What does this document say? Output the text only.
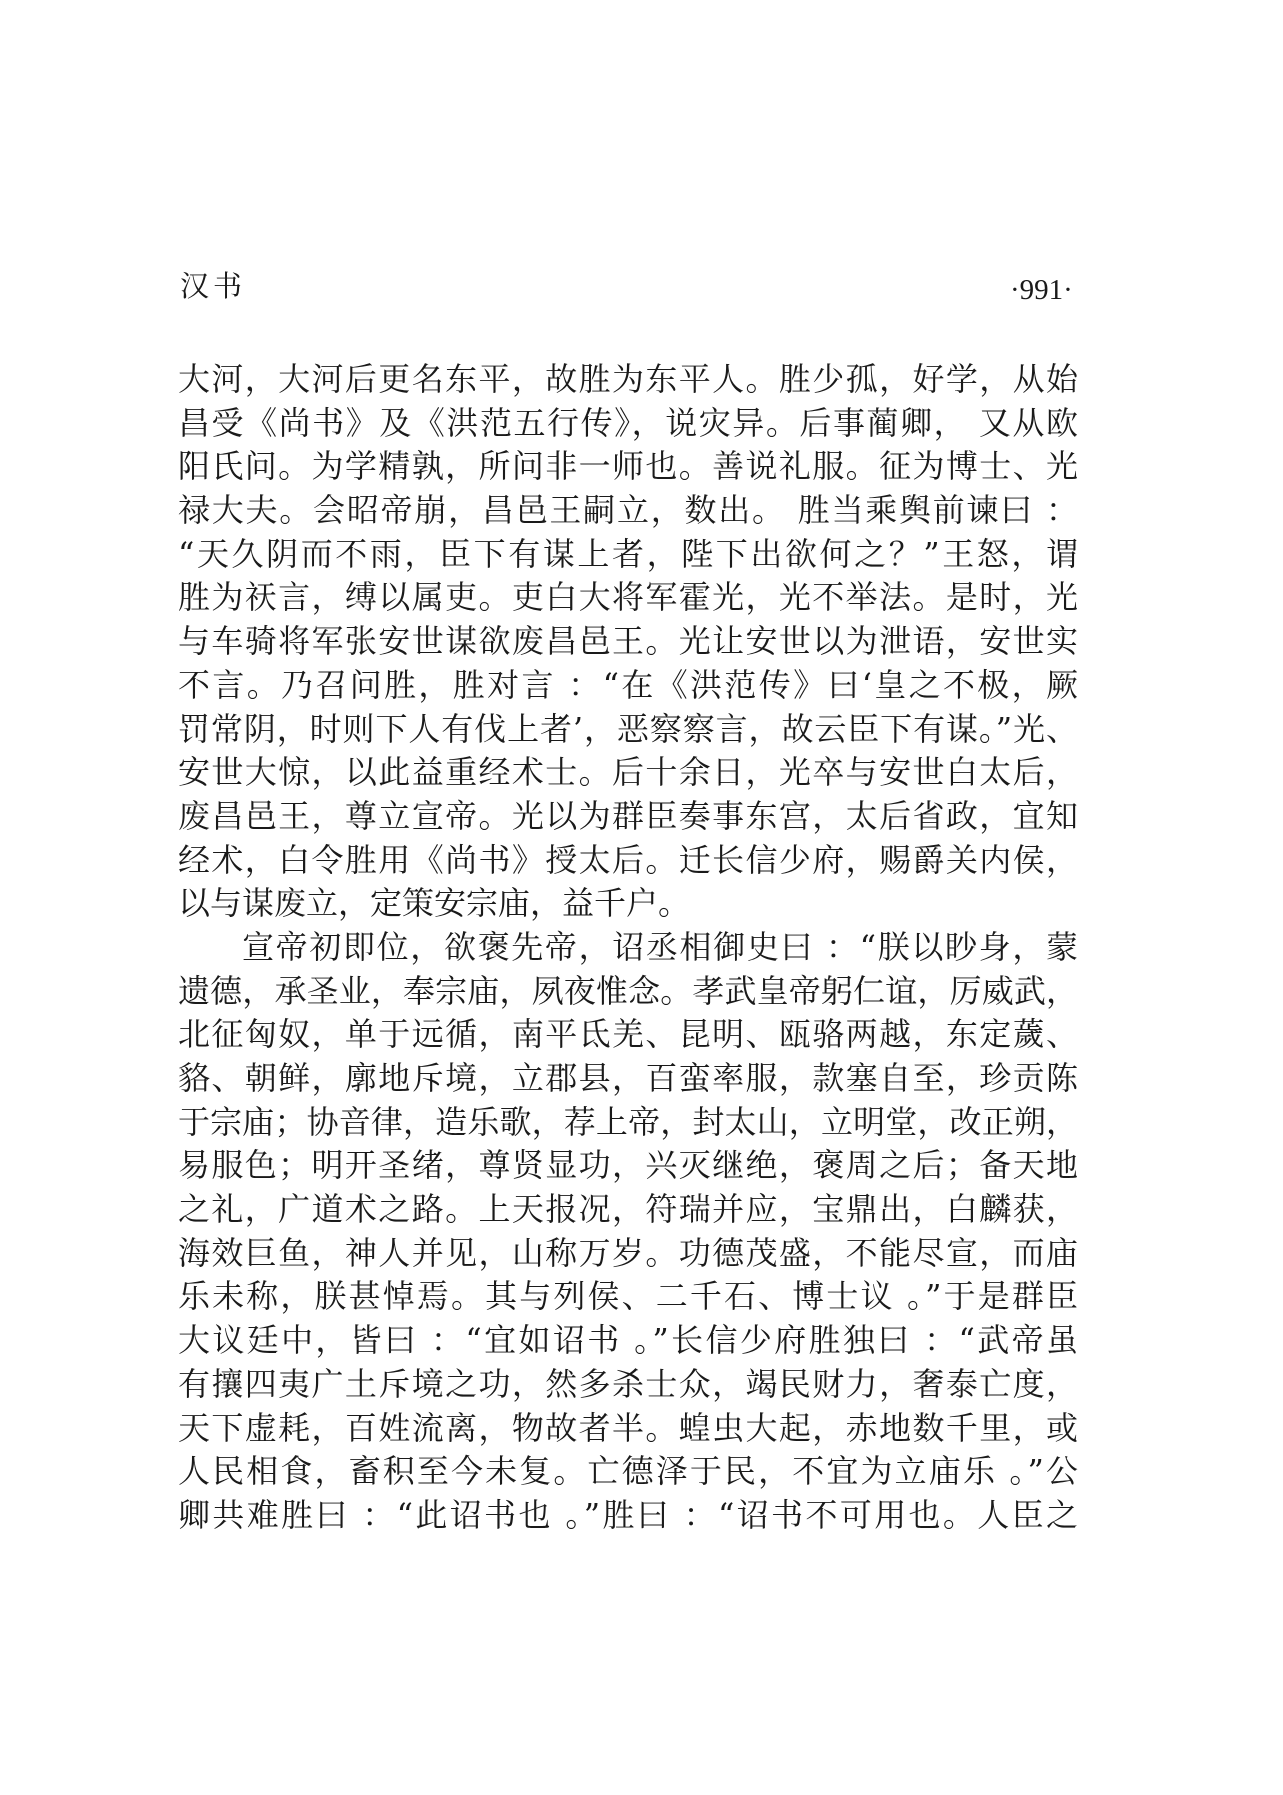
汉书	·991·
大河，大河后更名东平，故胜为东平人。胜少孤，好学，从始
昌受《尚书》及《洪范五行传》，说灾异。后事蔺卿， 又从欧
阳氏问。为学精孰，所问非一师也。善说礼服。征为博士、光
禄大夫。会昭帝崩，昌邑王嗣立，数出。 胜当乘舆前谏曰 ：
“天久阴而不雨，臣下有谋上者，陛下出欲何之？”王怒，谓
胜为祆言，缚以属吏。吏白大将军霍光，光不举法。是时，光
与车骑将军张安世谋欲废昌邑王。光让安世以为泄语，安世实
不言。乃召问胜，胜对言 ：“在《洪范传》曰‘皇之不极，厥
罚常阴，时则下人有伐上者’，恶察察言，故云臣下有谋。”光、
安世大惊，以此益重经术士。后十余日，光卒与安世白太后，
废昌邑王，尊立宣帝。光以为群臣奏事东宫，太后省政，宜知
经术，白令胜用《尚书》授太后。迁长信少府，赐爵关内侯，
以与谋废立，定策安宗庙，益千户。
宣帝初即位，欲褒先帝，诏丞相御史曰 ：“朕以眇身，蒙
遗德，承圣业，奉宗庙，夙夜惟念。孝武皇帝躬仁谊，厉威武，
北征匈奴，单于远循，南平氐羌、昆明、瓯骆两越，东定薉、
貉、朝鲜，廓地斥境，立郡县，百蛮率服，款塞自至，珍贡陈
于宗庙；协音律，造乐歌，荐上帝，封太山，立明堂，改正朔，
易服色；明开圣绪，尊贤显功，兴灭继绝，褒周之后；备天地
之礼，广道术之路。上天报况，符瑞并应，宝鼎出，白麟获，
海效巨鱼，神人并见，山称万岁。功德茂盛，不能尽宣，而庙
乐未称，朕甚悼焉。其与列侯、二千石、博士议 。”于是群臣
大议廷中，皆曰 ：“宜如诏书 。”长信少府胜独曰 ：“武帝虽
有攘四夷广土斥境之功，然多杀士众，竭民财力，奢泰亡度，
天下虚耗，百姓流离，物故者半。蝗虫大起，赤地数千里，或
人民相食，畜积至今未复。亡德泽于民，不宜为立庙乐 。”公
卿共难胜曰 ：“此诏书也 。”胜曰 ：“诏书不可用也。人臣之
